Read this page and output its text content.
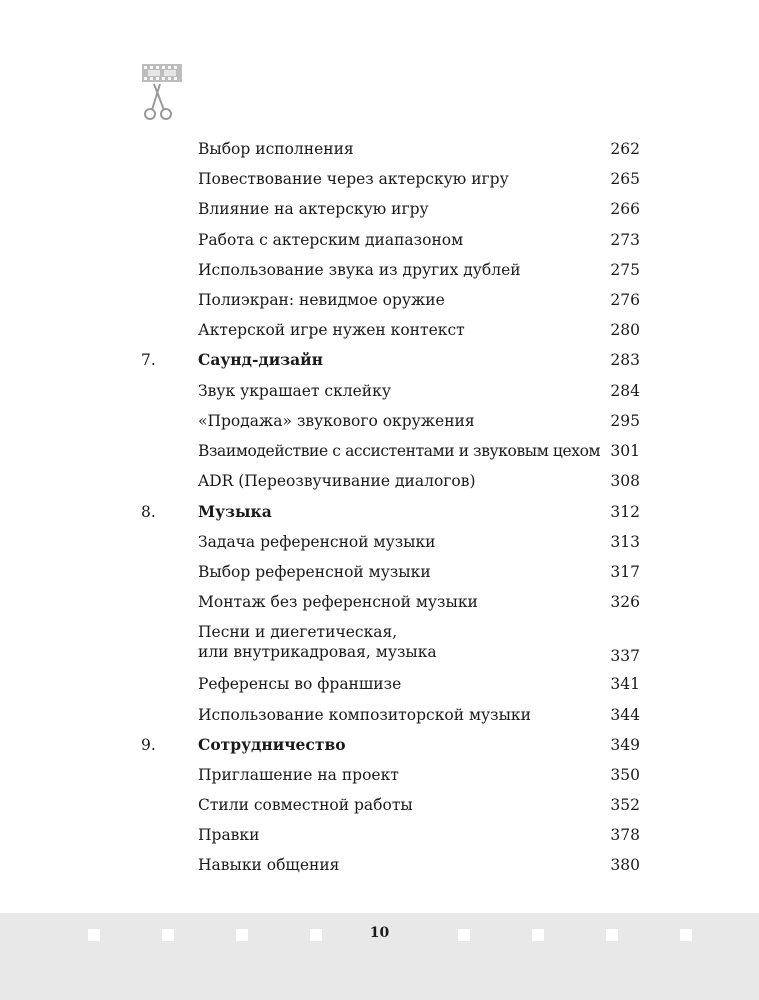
Выбор исполнения	262
Повествование через актерскую игру	265
Влияние на актерскую игру	266
Работа с актерским диапазоном	273
Использование звука из других дублей	275
Полиэкран: невидмое оружие	276
Актерской игре нужен контекст	280
7.	Саунд-дизайн	283
Звук украшает склейку	284
«Продажа» звукового окружения	295
Взаимодействие с ассистентами и звуковым цехом 301
ADR (Переозвучивание диалогов)	308
8.	Музыка	312
Задача референсной музыки	313
Выбор референсной музыки	317
Монтаж без референсной музыки	326
Песни и диегетическая,
или внутрикадровая, музыка	337
Референсы во франшизе	341
Использование композиторской музыки	344
9.	Сотрудничество	349
Приглашение на проект	350
Стили совместной работы	352
Правки	378
Навыки общения	380
10
